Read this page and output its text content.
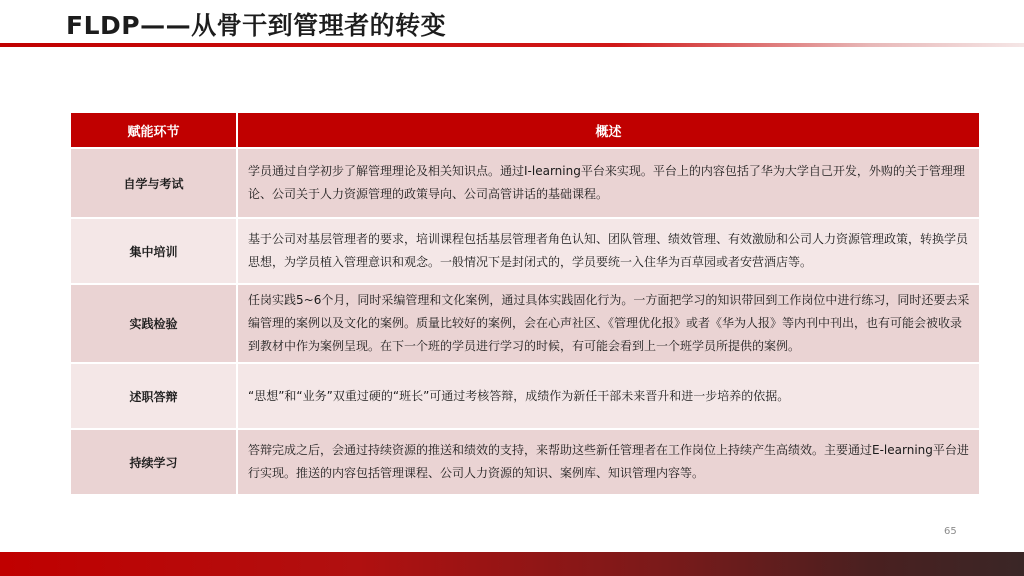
FLDP——从骨干到管理者的转变
赋能环节	概述
自学与考试	学员通过自学初步了解管理理论及相关知识点。通过I-learning平台来实现。平台上的内容包括了华为大学自己开发，外购的关于管理理论、公司关于人力资源管理的政策导向、公司高管讲话的基础课程。
集中培训	基于公司对基层管理者的要求，培训课程包括基层管理者角色认知、团队管理、绩效管理、有效激励和公司人力资源管理政策，转换学员思想，为学员植入管理意识和观念。一般情况下是封闭式的，学员要统一入住华为百草园或者安营酒店等。
实践检验	任岗实践5~6个月，同时采编管理和文化案例，通过具体实践固化行为。一方面把学习的知识带回到工作岗位中进行练习，同时还要去采编管理的案例以及文化的案例。质量比较好的案例，会在心声社区、《管理优化报》或者《华为人报》等内刊中刊出，也有可能会被收录到教材中作为案例呈现。在下一个班的学员进行学习的时候，有可能会看到上一个班学员所提供的案例。
述职答辩	“思想”和“业务”双重过硬的“班长”可通过考核答辩，成绩作为新任干部未来晋升和进一步培养的依据。
持续学习	答辩完成之后，会通过持续资源的推送和绩效的支持，来帮助这些新任管理者在工作岗位上持续产生高绩效。主要通过E-learning平台进行实现。推送的内容包括管理课程、公司人力资源的知识、案例库、知识管理内容等。
65
